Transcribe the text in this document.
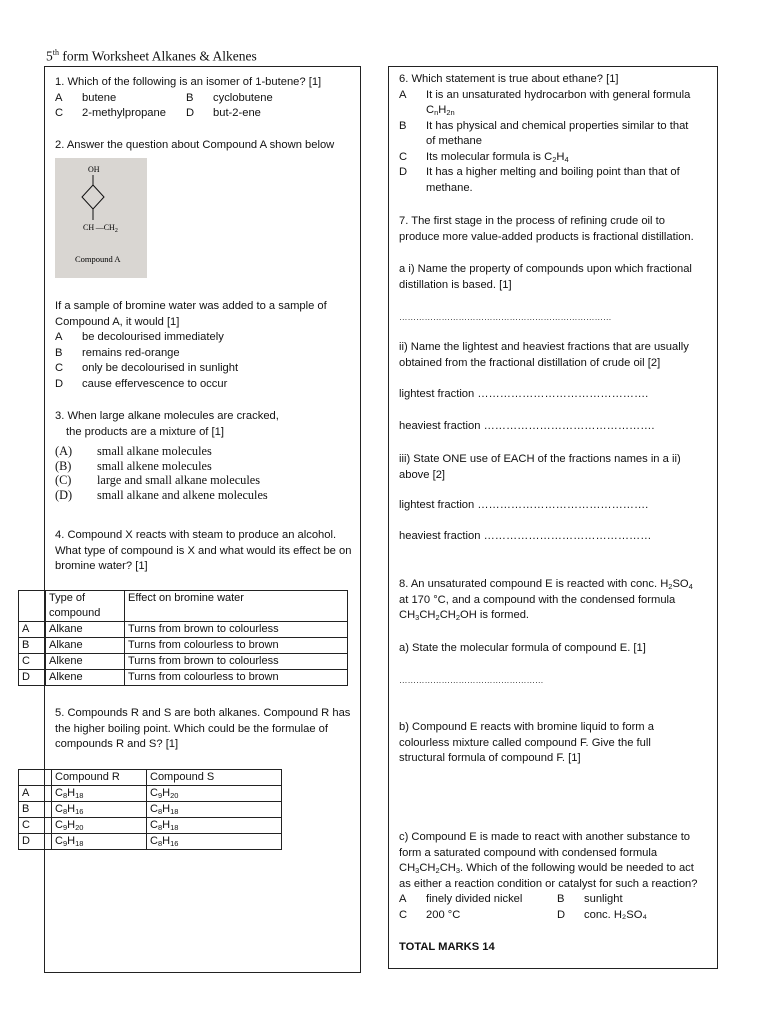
5th form Worksheet Alkanes & Alkenes

1. Which of the following is an isomer of 1-butene? [1]

A	butene	B	cyclobutene
C	2-methylpropane	D	but-2-ene

2. Answer the question about Compound A shown below

OH
CH $—CH_2$
Compound A

If a sample of bromine water was added to a sample of

Compound A, it would [1]

A	be decolourised immediately
B	remains red-orange
C	only be decolourised in sunlight
D	cause effervescence to occur

3. When large alkane molecules are cracked,

the products are a mixture of [1]

(A)	small alkane molecules
(B)	small alkene molecules
(C)	large and small alkane molecules
(D)	small alkane and alkene molecules

4. Compound X reacts with steam to produce an alcohol.

What type of compound is X and what would its effect be on

bromine water? [1]

	Type of compound	Effect on bromine water
A	Alkane	Turns from brown to colourless
B	Alkane	Turns from colourless to brown
C	Alkene	Turns from brown to colourless
D	Alkene	Turns from colourless to brown

5. Compounds R and S are both alkanes. Compound R has

the higher boiling point. Which could be the formulae of

compounds R and S? [1]

	Compound R	Compound S
A	$C_8H_{18}$	$C_9H_{20}$
B	$C_8H_{16}$	$C_8H_{18}$
C	$C_9H_{20}$	$C_8H_{18}$
D	$C_9H_{18}$	$C_8H_{16}$

6. Which statement is true about ethane? [1]

A	It is an unsaturated hydrocarbon with general formula
$C_nH_{2n}$
B	It has physical and chemical properties similar to that
of methane
C	Its molecular formula is $C_2H_4$
D	It has a higher melting and boiling point than that of
methane.

7. The first stage in the process of refining crude oil to

produce more value-added products is fractional distillation.

a i) Name the property of compounds upon which fractional

distillation is based. [1]

…………………………………………………………………

ii) Name the lightest and heaviest fractions that are usually

obtained from the fractional distillation of crude oil [2]

lightest fraction ……………………………………….

heaviest fraction ……………………………………….

iii) State ONE use of EACH of the fractions names in a ii)

above [2]

lightest fraction ……………………………………….

heaviest fraction ………………………………………

8. An unsaturated compound E is reacted with conc. $H_2SO_4$

at 170 °C, and a compound with the condensed formula

$CH_3CH_2CH_2OH$ is formed.

a) State the molecular formula of compound E. [1]

……………………………………………

b) Compound E reacts with bromine liquid to form a

colourless mixture called compound F. Give the full

structural formula of compound F. [1]

c) Compound E is made to react with another substance to

form a saturated compound with condensed formula

$CH_3CH_2CH_3$. Which of the following would be needed to act

as either a reaction condition or catalyst for such a reaction?

A	finely divided nickel	B	sunlight
C	200 °C	D	conc. H₂SO₄

TOTAL MARKS 14
